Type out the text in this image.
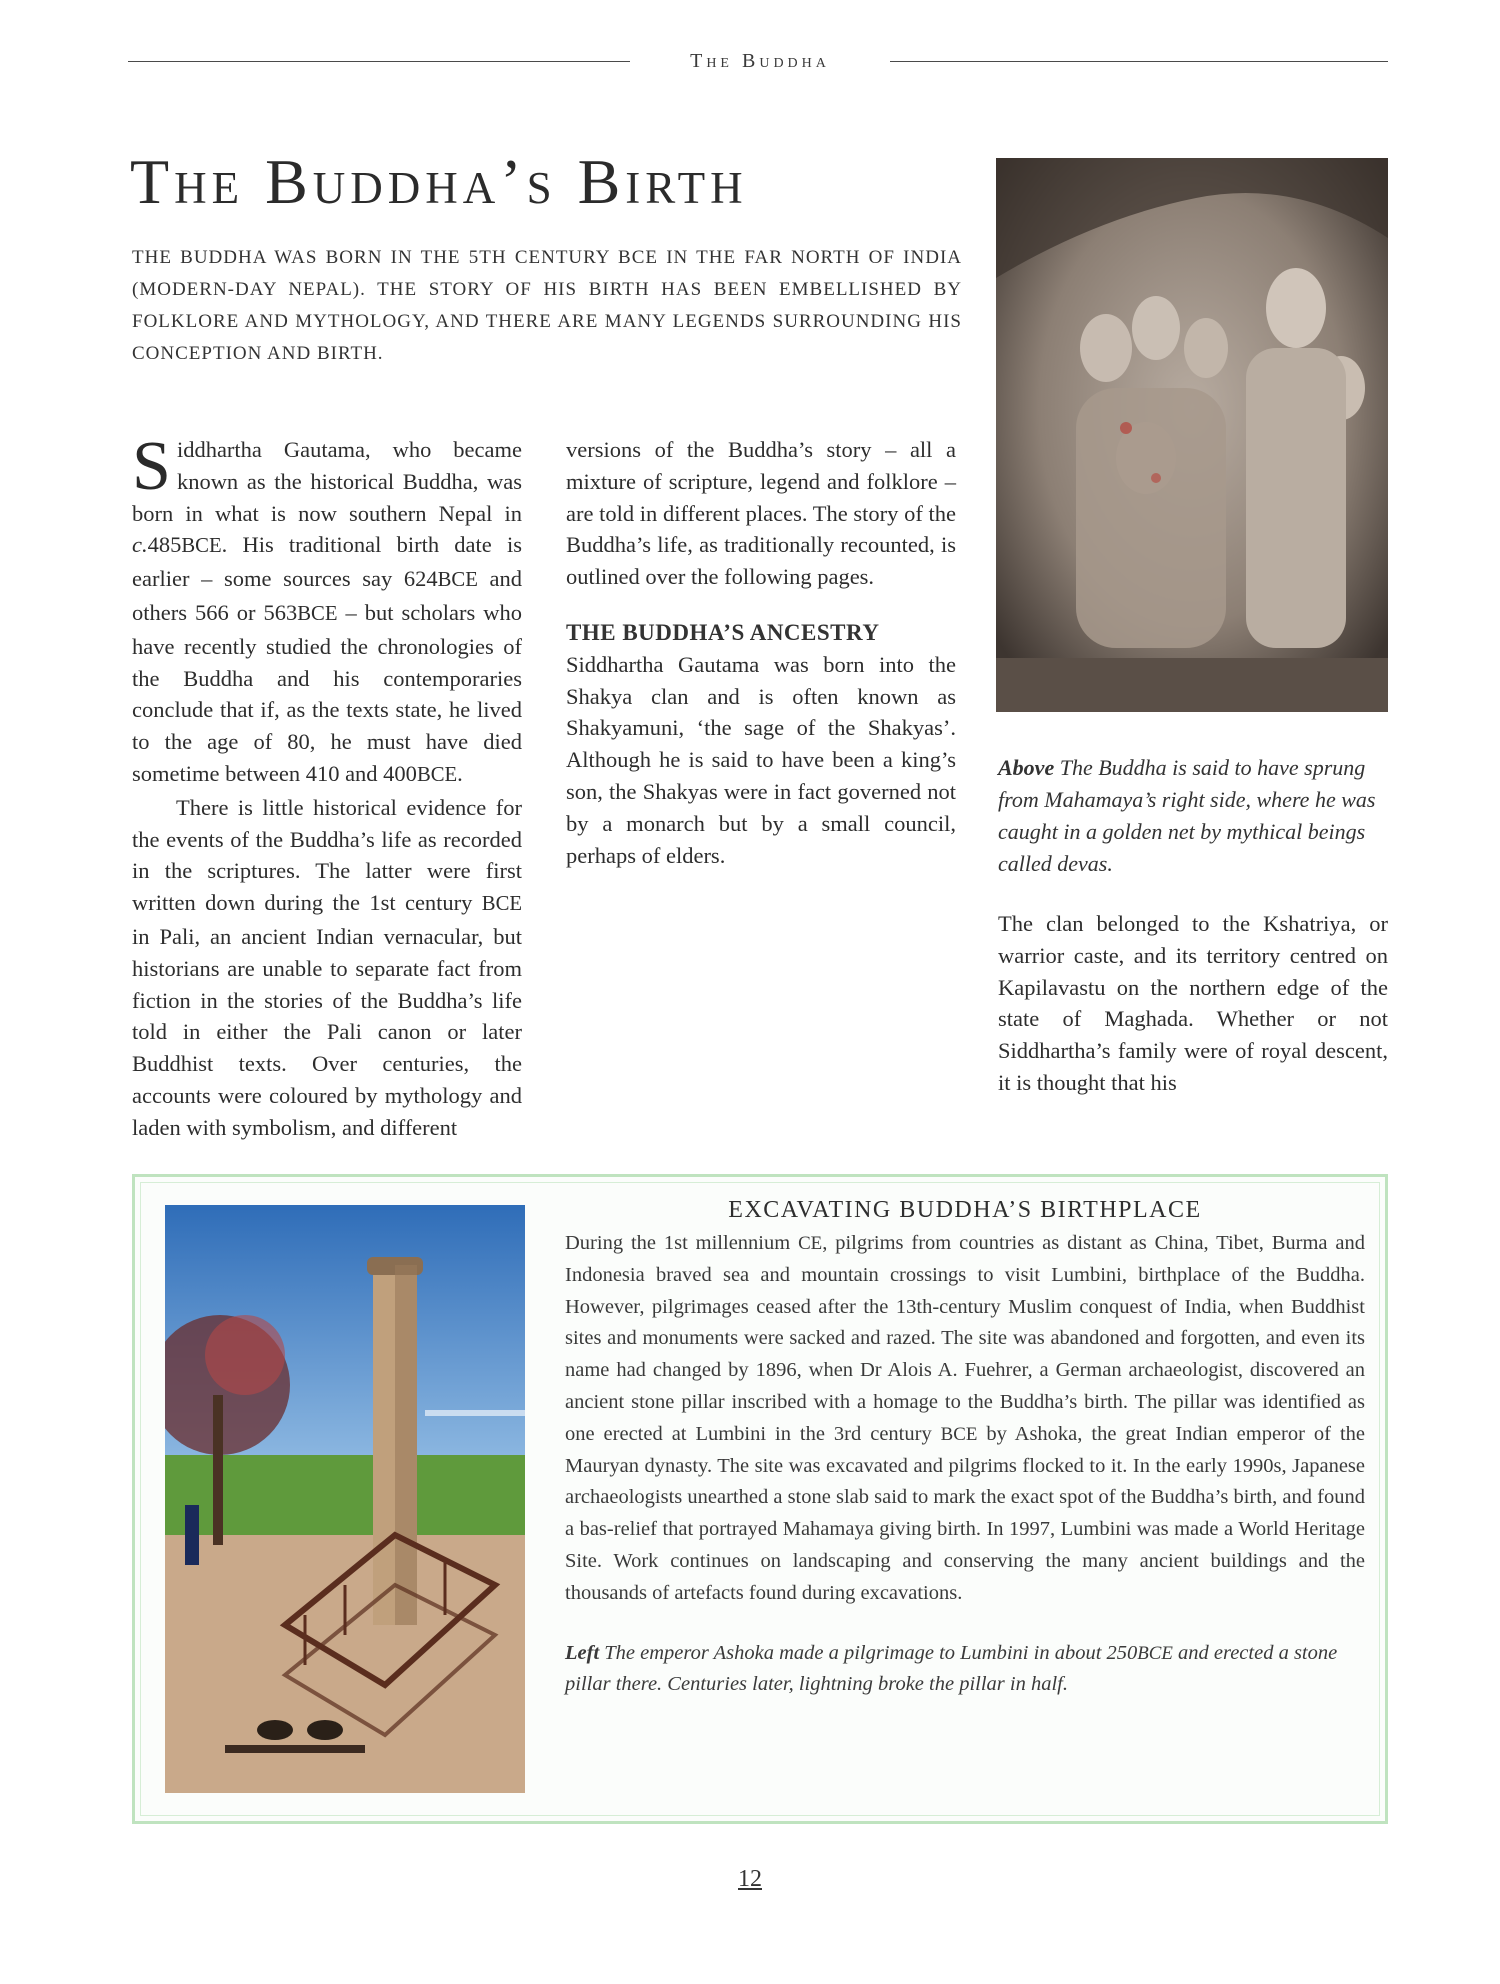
The Buddha
The Buddha’s Birth
THE BUDDHA WAS BORN IN THE 5TH CENTURY BCE IN THE FAR NORTH OF INDIA (MODERN-DAY NEPAL). THE STORY OF HIS BIRTH HAS BEEN EMBELLISHED BY FOLKLORE AND MYTHOLOGY, AND THERE ARE MANY LEGENDS SURROUNDING HIS CONCEPTION AND BIRTH.

Siddhartha Gautama, who became known as the historical Buddha, was born in what is now southern Nepal in c.485BCE. His traditional birth date is earlier – some sources say 624BCE and others 566 or 563BCE – but scholars who have recently studied the chronologies of the Buddha and his contemporaries conclude that if, as the texts state, he lived to the age of 80, he must have died sometime between 410 and 400BCE.

There is little historical evidence for the events of the Buddha’s life as recorded in the scriptures. The latter were first written down during the 1st century BCE in Pali, an ancient Indian vernacular, but historians are unable to separate fact from fiction in the stories of the Buddha’s life told in either the Pali canon or later Buddhist texts. Over centuries, the accounts were coloured by mythology and laden with symbolism, and different

versions of the Buddha’s story – all a mixture of scripture, legend and folklore – are told in different places. The story of the Buddha’s life, as traditionally recounted, is outlined over the following pages.

THE BUDDHA’S ANCESTRY

Siddhartha Gautama was born into the Shakya clan and is often known as Shakyamuni, ‘the sage of the Shakyas’. Although he is said to have been a king’s son, the Shakyas were in fact governed not by a monarch but by a small council, perhaps of elders.

Above The Buddha is said to have sprung from Mahamaya’s right side, where he was caught in a golden net by mythical beings called devas.
EXCAVATING BUDDHA’S BIRTHPLACE

During the 1st millennium CE, pilgrims from countries as distant as China, Tibet, Burma and Indonesia braved sea and mountain crossings to visit Lumbini, birthplace of the Buddha. However, pilgrimages ceased after the 13th-century Muslim conquest of India, when Buddhist sites and monuments were sacked and razed. The site was abandoned and forgotten, and even its name had changed by 1896, when Dr Alois A. Fuehrer, a German archaeologist, discovered an ancient stone pillar inscribed with a homage to the Buddha’s birth. The pillar was identified as one erected at Lumbini in the 3rd century BCE by Ashoka, the great Indian emperor of the Mauryan dynasty. The site was excavated and pilgrims flocked to it. In the early 1990s, Japanese archaeologists unearthed a stone slab said to mark the exact spot of the Buddha’s birth, and found a bas-relief that portrayed Mahamaya giving birth. In 1997, Lumbini was made a World Heritage Site. Work continues on landscaping and conserving the many ancient buildings and the thousands of artefacts found during excavations.

Left The emperor Ashoka made a pilgrimage to Lumbini in about 250BCE and erected a stone pillar there. Centuries later, lightning broke the pillar in half.
12

The clan belonged to the Kshatriya, or warrior caste, and its territory centred on Kapilavastu on the northern edge of the state of Maghada. Whether or not Siddhartha’s family were of royal descent, it is thought that his
